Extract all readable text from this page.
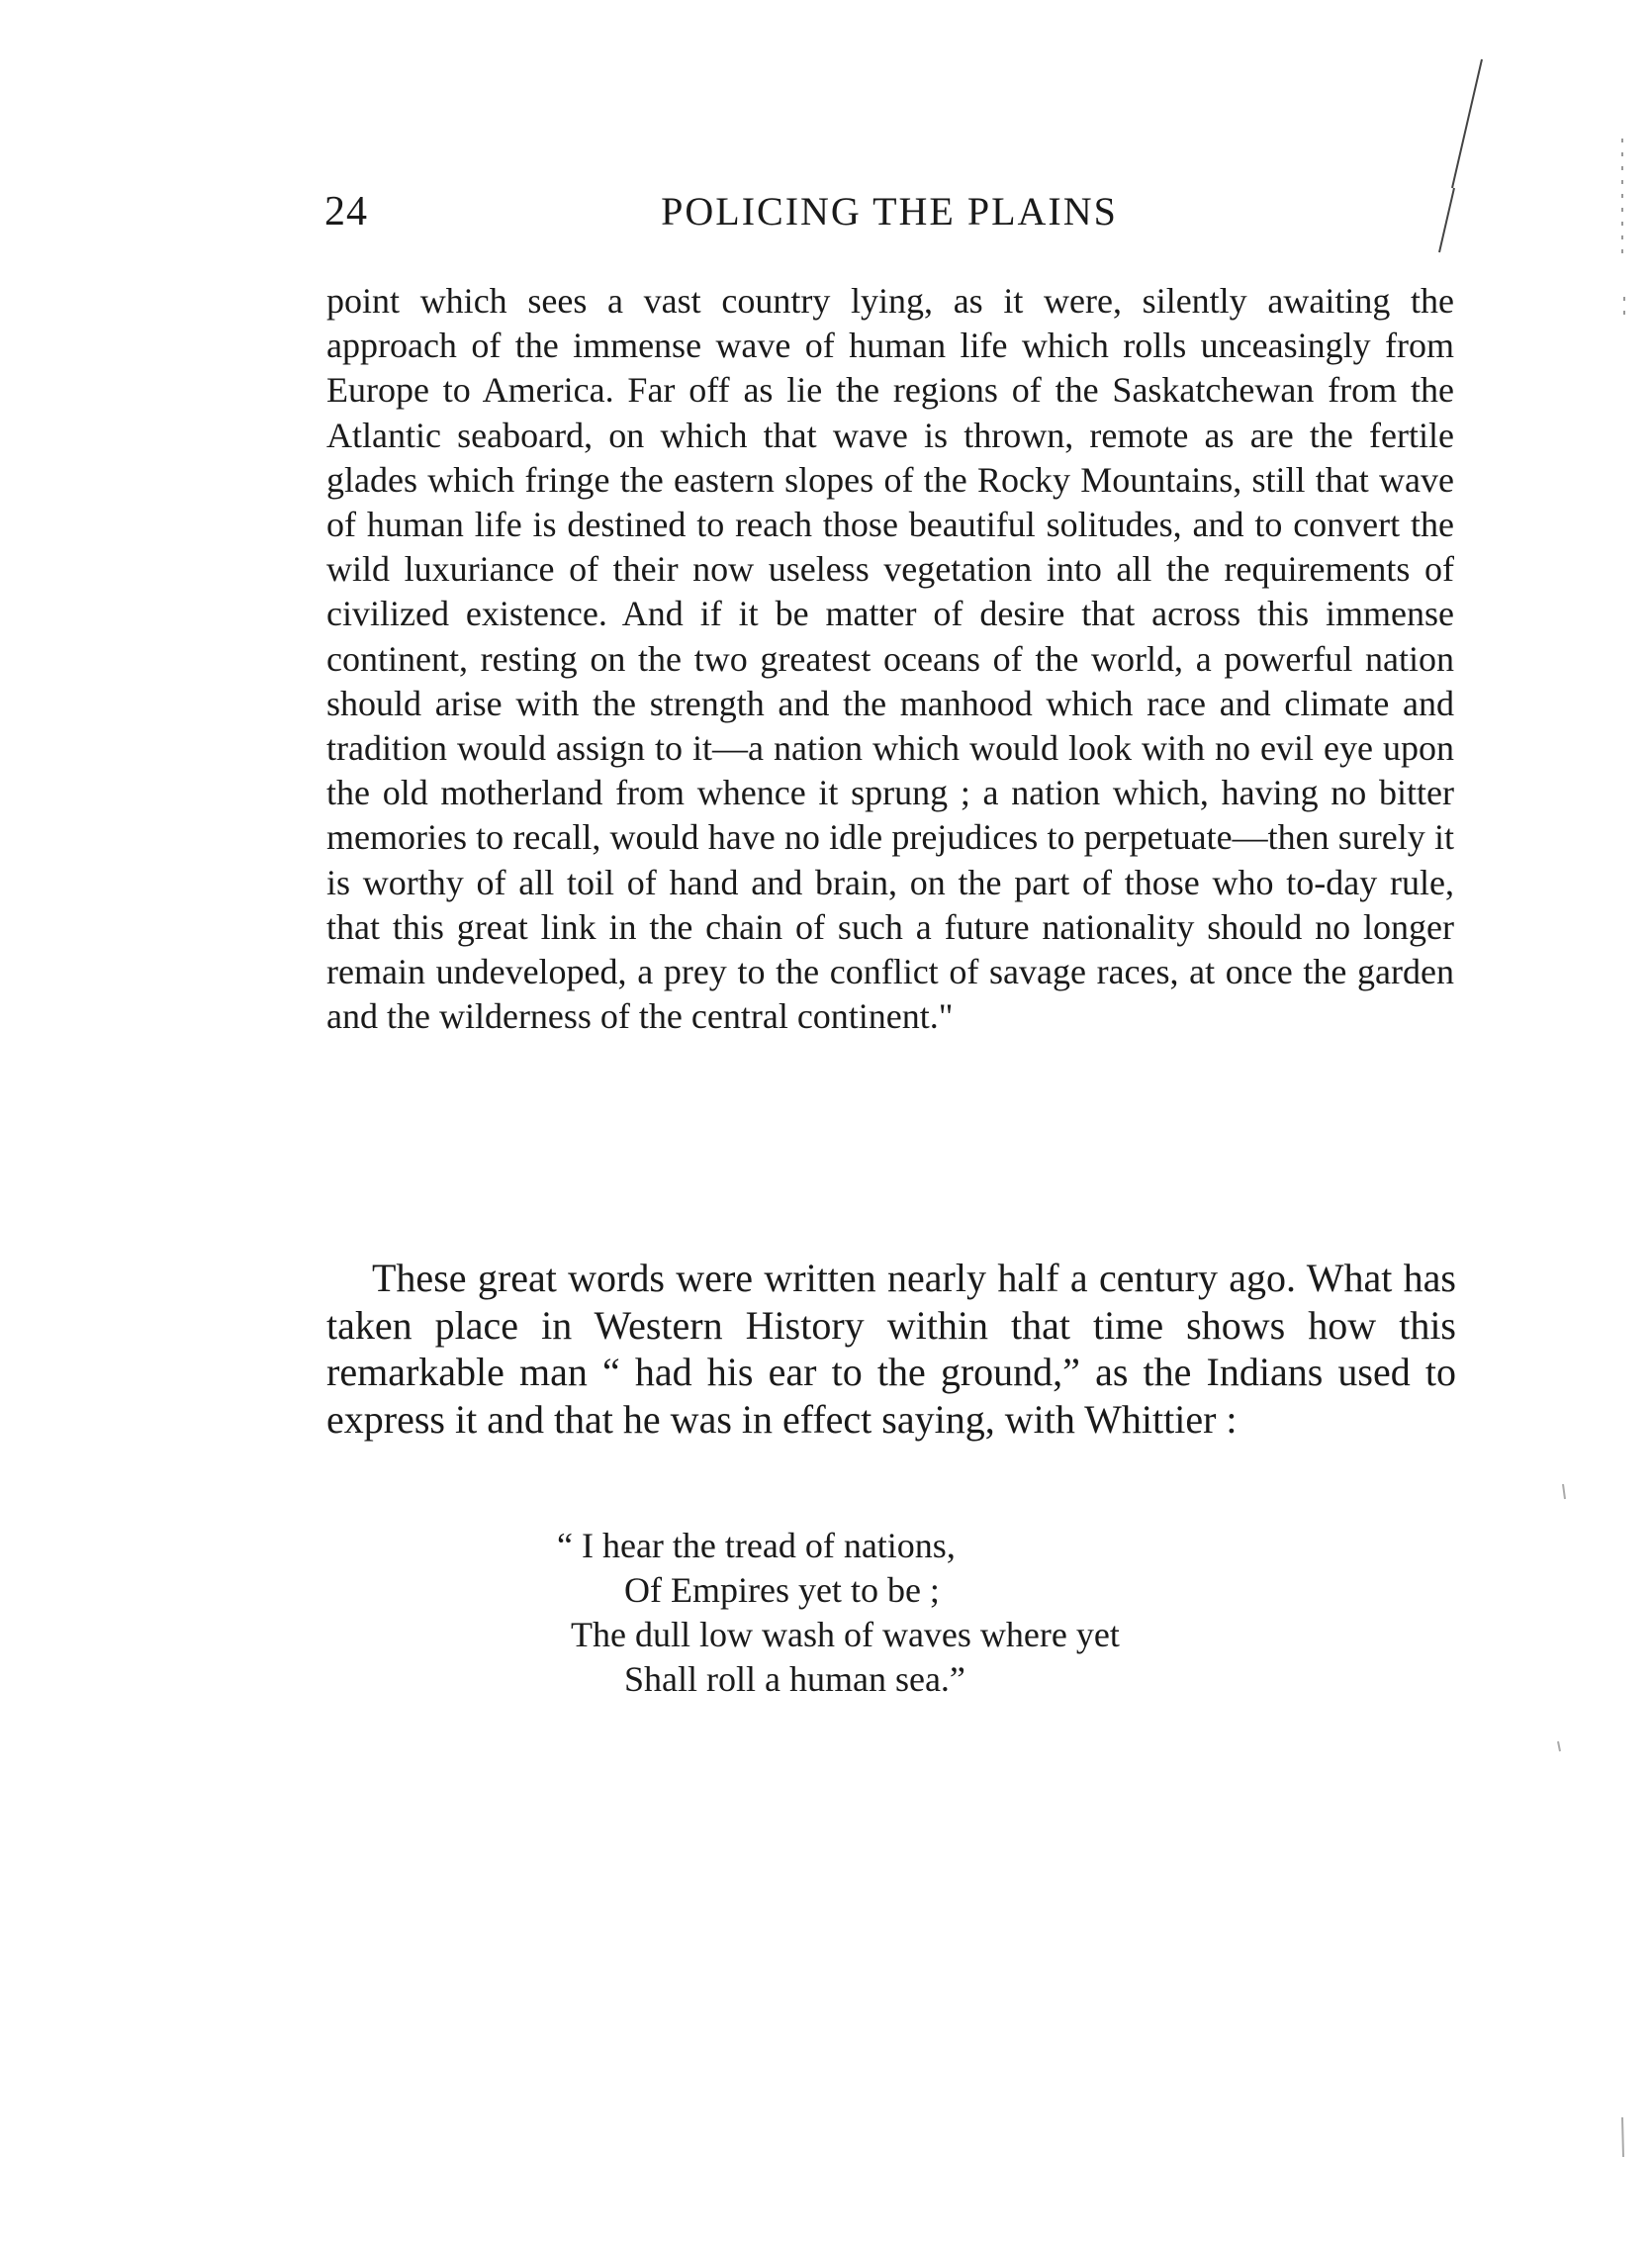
24	POLICING THE PLAINS

point which sees a vast country lying, as it were, silently awaiting the approach of the immense wave of human life which rolls unceasingly from Europe to America. Far off as lie the regions of the Saskatchewan from the Atlantic seaboard, on which that wave is thrown, remote as are the fertile glades which fringe the eastern slopes of the Rocky Mountains, still that wave of human life is destined to reach those beautiful solitudes, and to convert the wild luxuriance of their now useless vegetation into all the requirements of civilized existence. And if it be matter of desire that across this immense continent, resting on the two greatest oceans of the world, a powerful nation should arise with the strength and the manhood which race and climate and tradition would assign to it—a nation which would look with no evil eye upon the old motherland from whence it sprung ; a nation which, having no bitter memories to recall, would have no idle prejudices to perpetuate—then surely it is worthy of all toil of hand and brain, on the part of those who to-day rule, that this great link in the chain of such a future nationality should no longer remain undeveloped, a prey to the conflict of savage races, at once the garden and the wilderness of the central continent."

These great words were written nearly half a century ago. What has taken place in Western History within that time shows how this remarkable man “ had his ear to the ground,” as the Indians used to express it and that he was in effect saying, with Whittier :

“ I hear the tread of nations,
Of Empires yet to be ;
The dull low wash of waves where yet
Shall roll a human sea.”
